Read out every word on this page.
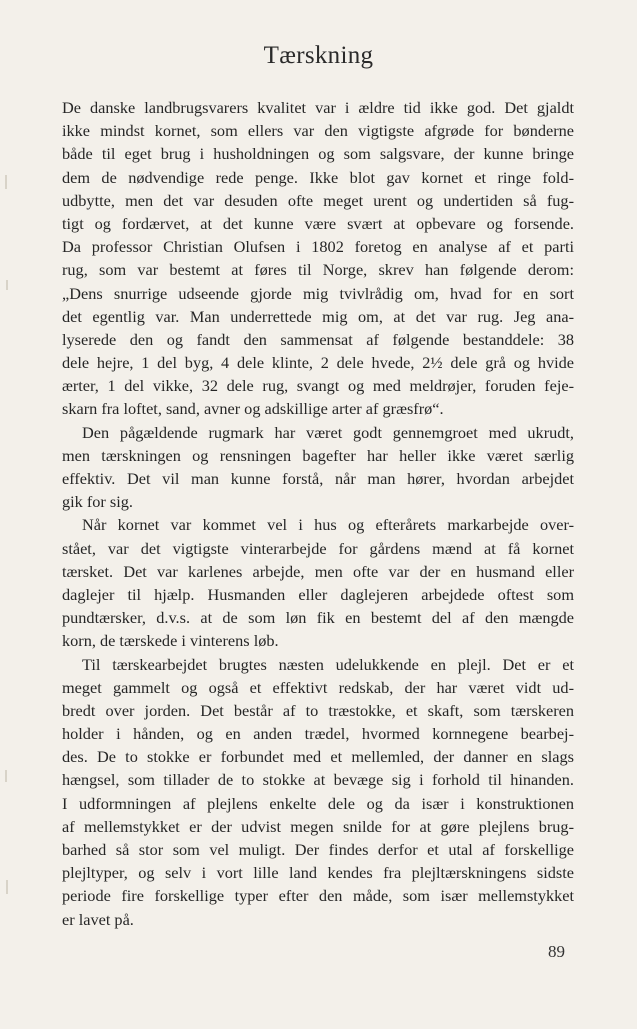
Tærskning
De danske landbrugsvarers kvalitet var i ældre tid ikke god. Det gjaldt
ikke mindst kornet, som ellers var den vigtigste afgrøde for bønderne
både til eget brug i husholdningen og som salgsvare, der kunne bringe
dem de nødvendige rede penge. Ikke blot gav kornet et ringe fold-
udbytte, men det var desuden ofte meget urent og undertiden så fug-
tigt og fordærvet, at det kunne være svært at opbevare og forsende.
Da professor Christian Olufsen i 1802 foretog en analyse af et parti
rug, som var bestemt at føres til Norge, skrev han følgende derom:
„Dens snurrige udseende gjorde mig tvivlrådig om, hvad for en sort
det egentlig var. Man underrettede mig om, at det var rug. Jeg ana-
lyserede den og fandt den sammensat af følgende bestanddele: 38
dele hejre, 1 del byg, 4 dele klinte, 2 dele hvede, 2½ dele grå og hvide
ærter, 1 del vikke, 32 dele rug, svangt og med meldrøjer, foruden feje-
skarn fra loftet, sand, avner og adskillige arter af græsfrø“.
Den pågældende rugmark har været godt gennemgroet med ukrudt,
men tærskningen og rensningen bagefter har heller ikke været særlig
effektiv. Det vil man kunne forstå, når man hører, hvordan arbejdet
gik for sig.
Når kornet var kommet vel i hus og efterårets markarbejde over-
stået, var det vigtigste vinterarbejde for gårdens mænd at få kornet
tærsket. Det var karlenes arbejde, men ofte var der en husmand eller
daglejer til hjælp. Husmanden eller daglejeren arbejdede oftest som
pundtærsker, d.v.s. at de som løn fik en bestemt del af den mængde
korn, de tærskede i vinterens løb.
Til tærskearbejdet brugtes næsten udelukkende en plejl. Det er et
meget gammelt og også et effektivt redskab, der har været vidt ud-
bredt over jorden. Det består af to træstokke, et skaft, som tærskeren
holder i hånden, og en anden trædel, hvormed kornnegene bearbej-
des. De to stokke er forbundet med et mellemled, der danner en slags
hængsel, som tillader de to stokke at bevæge sig i forhold til hinanden.
I udformningen af plejlens enkelte dele og da især i konstruktionen
af mellemstykket er der udvist megen snilde for at gøre plejlens brug-
barhed så stor som vel muligt. Der findes derfor et utal af forskellige
plejltyper, og selv i vort lille land kendes fra plejltærskningens sidste
periode fire forskellige typer efter den måde, som især mellemstykket
er lavet på.
89
